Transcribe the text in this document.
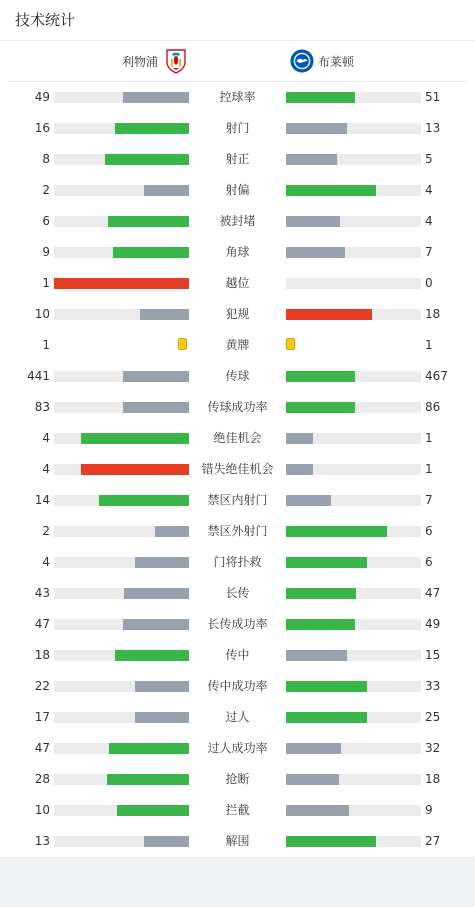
技术统计
利物浦	布莱顿
49	控球率	51
16	射门	13
8	射正	5
2	射偏	4
6	被封堵	4
9	角球	7
1	越位	0
10	犯规	18
1	黄牌	1
441	传球	467
83	传球成功率	86
4	绝佳机会	1
4	错失绝佳机会	1
14	禁区内射门	7
2	禁区外射门	6
4	门将扑救	6
43	长传	47
47	长传成功率	49
18	传中	15
22	传中成功率	33
17	过人	25
47	过人成功率	32
28	抢断	18
10	拦截	9
13	解围	27
